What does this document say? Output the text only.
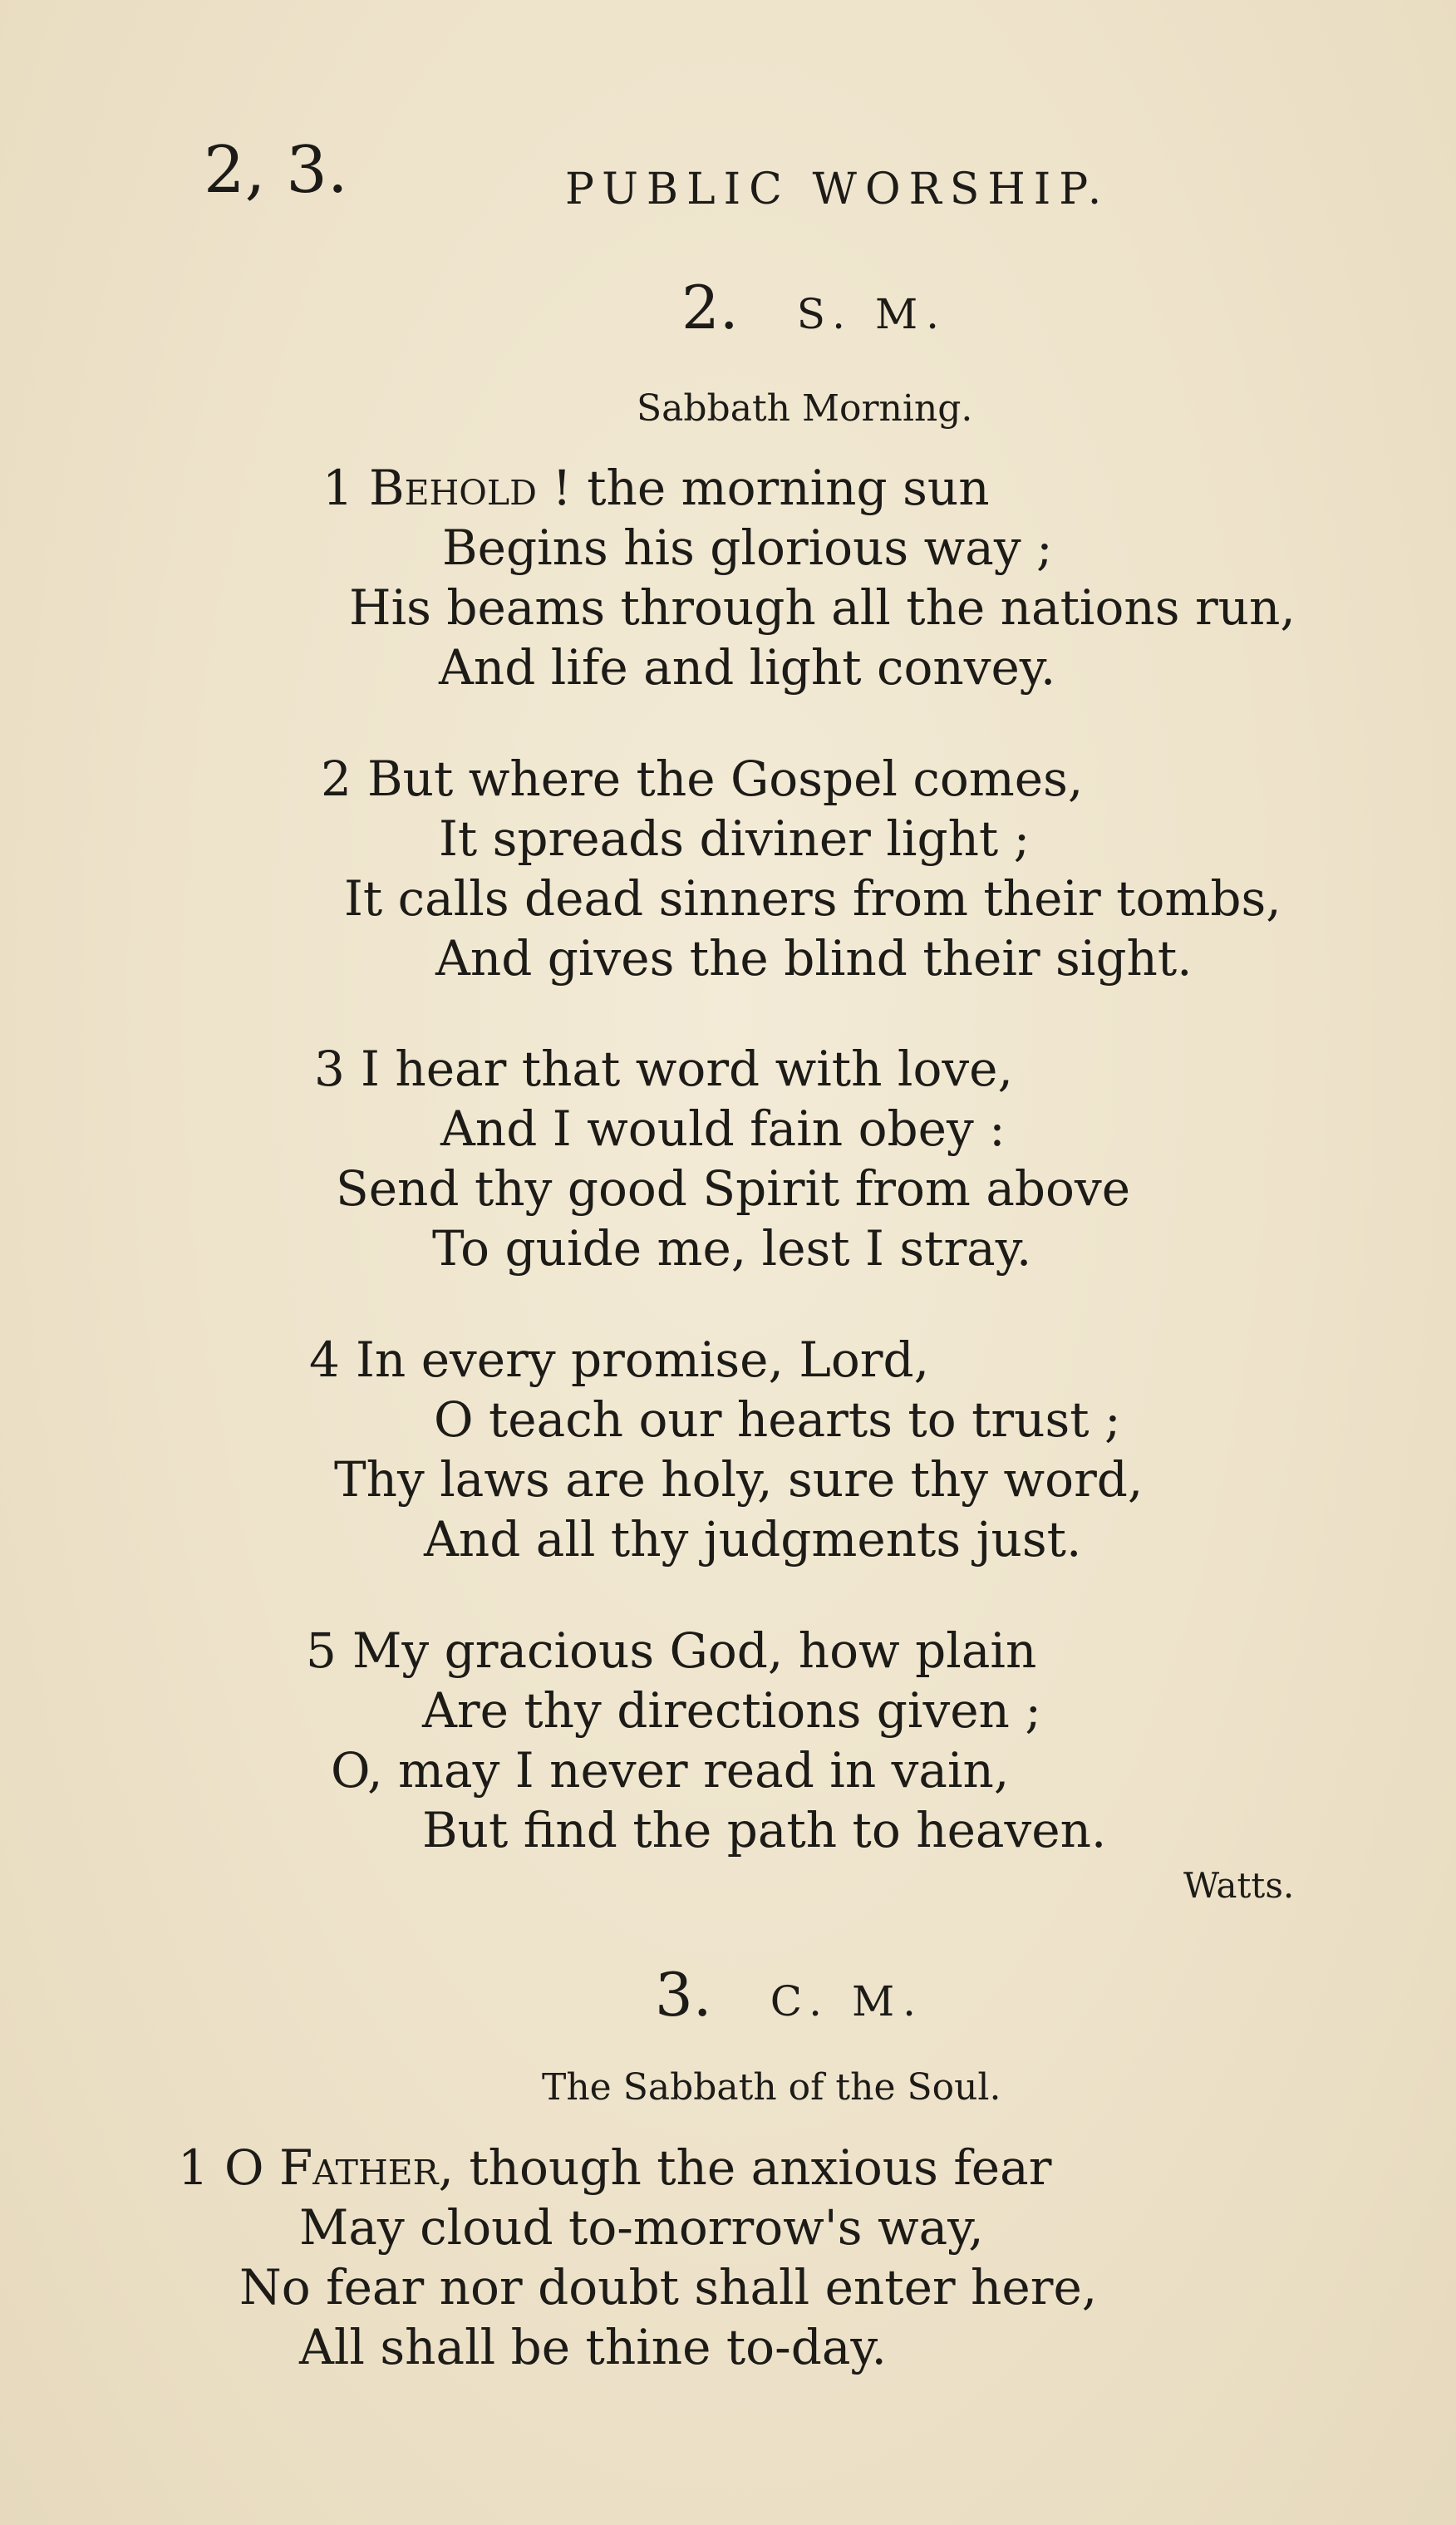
2, 3.	PUBLIC WORSHIP.
2. S. M.
Sabbath Morning.
1 Behold ! the morning sun
Begins his glorious way ;
His beams through all the nations run,
And life and light convey.
2 But where the Gospel comes,
It spreads diviner light ;
It calls dead sinners from their tombs,
And gives the blind their sight.
3 I hear that word with love,
And I would fain obey :
Send thy good Spirit from above
To guide me, lest I stray.
4 In every promise, Lord,
O teach our hearts to trust ;
Thy laws are holy, sure thy word,
And all thy judgments just.
5 My gracious God, how plain
Are thy directions given ;
O, may I never read in vain,
But find the path to heaven.
Watts.
3. C. M.
The Sabbath of the Soul.
1 O Father, though the anxious fear
May cloud to-morrow's way,
No fear nor doubt shall enter here,
All shall be thine to-day.
